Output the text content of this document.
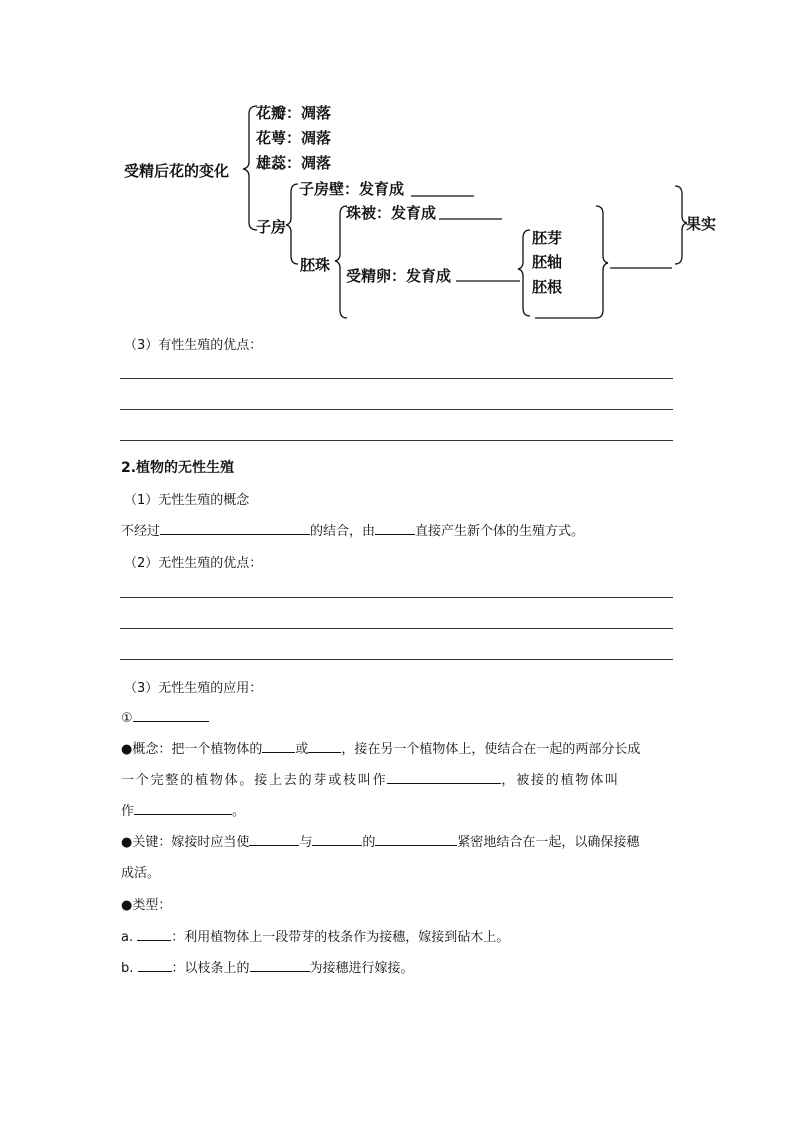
受精后花的变化
花瓣：凋落
花萼：凋落
雄蕊：凋落
子房
子房壁：发育成
胚珠
珠被：发育成
受精卵：发育成
胚芽
胚轴
胚根
果实
（3）有性生殖的优点：
2.植物的无性生殖
（1）无性生殖的概念
不经过	的结合，由	直接产生新个体的生殖方式。
（2）无性生殖的优点：
（3）无性生殖的应用：
①
●概念：把一个植物体的	或	，接在另一个植物体上，使结合在一起的两部分长成
一个完整的植物体。接上去的芽或枝叫作	，被接的植物体叫
作	。
●关键：嫁接时应当使	与	的	紧密地结合在一起，以确保接穗
成活。
●类型：
a.	：利用植物体上一段带芽的枝条作为接穗，嫁接到砧木上。
b.	：以枝条上的	为接穗进行嫁接。
